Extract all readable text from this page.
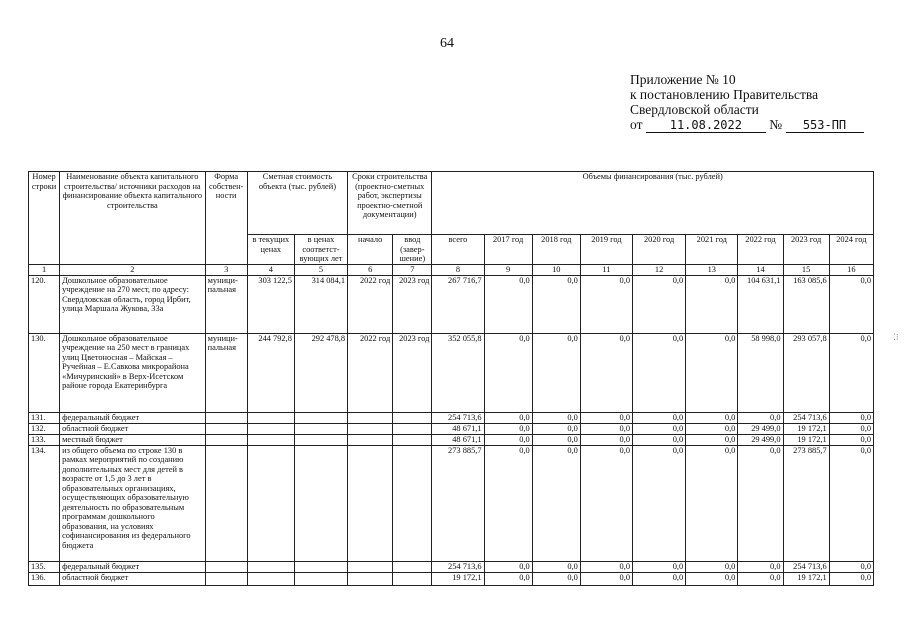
64
Приложение № 10
к постановлению Правительства
Свердловской области
от 11.08.2022 № 553-ПП
⁚⁝
Номер строки	Наименование объекта капитального строительства/ источники расходов на финансирование объекта капитального строительства	Форма собствен-ности	Сметная стоимость объекта (тыс. рублей)		Сроки строительства (проектно-сметных работ, экспертизы проектно-сметной документации)		Объемы финансирования (тыс. рублей)								
			в текущих ценах	в ценах соответст-вующих лет	начало	ввод (завер-шение)	всего	2017 год	2018 год	2019 год	2020 год	2021 год	2022 год	2023 год	2024 год
1	2	3	4	5	6	7	8	9	10	11	12	13	14	15	16
120.	Дошкольное образовательное учреждение на 270 мест, по адресу: Свердловская область, город Ирбит, улица Маршала Жукова, 33а	муници-пальная	303 122,5	314 084,1	2022 год	2023 год	267 716,7	0,0	0,0	0,0	0,0	0,0	104 631,1	163 085,6	0,0
130.	Дошкольное образовательное учреждение на 250 мест в границах улиц Цветоносная – Майская – Ручейная – Е.Савкова микрорайона «Мичуринский» в Верх-Исетском районе города Екатеринбурга	муници-пальная	244 792,8	292 478,8	2022 год	2023 год	352 055,8	0,0	0,0	0,0	0,0	0,0	58 998,0	293 057,8	0,0
131.	федеральный бюджет						254 713,6	0,0	0,0	0,0	0,0	0,0	0,0	254 713,6	0,0
132.	областной бюджет						48 671,1	0,0	0,0	0,0	0,0	0,0	29 499,0	19 172,1	0,0
133.	местный бюджет						48 671,1	0,0	0,0	0,0	0,0	0,0	29 499,0	19 172,1	0,0
134.	из общего объема по строке 130 в рамках мероприятий по созданию дополнительных мест для детей в возрасте от 1,5 до 3 лет в образовательных организациях, осуществляющих образовательную деятельность по образовательным программам дошкольного образования, на условиях софинансирования из федерального бюджета						273 885,7	0,0	0,0	0,0	0,0	0,0	0,0	273 885,7	0,0
135.	федеральный бюджет						254 713,6	0,0	0,0	0,0	0,0	0,0	0,0	254 713,6	0,0
136.	областной бюджет						19 172,1	0,0	0,0	0,0	0,0	0,0	0,0	19 172,1	0,0
